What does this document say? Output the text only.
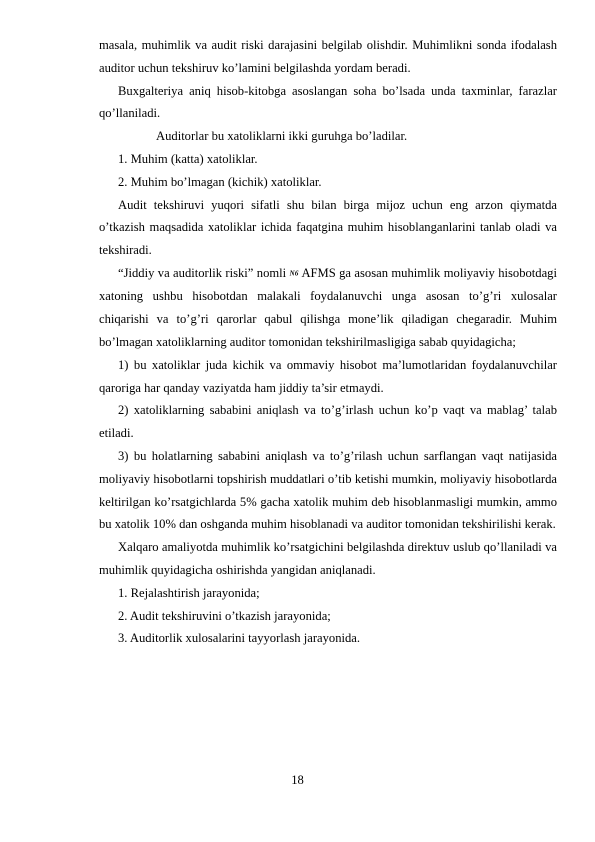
masala, muhimlik va audit riski darajasini belgilab olishdir. Muhimlikni sonda ifodalash auditor uchun tekshiruv ko’lamini belgilashda yordam beradi.

Buxgalteriya aniq hisob-kitobga asoslangan soha bo’lsada unda taxminlar, farazlar qo’llaniladi.

Auditorlar bu xatoliklarni ikki guruhga bo’ladilar.

1. Muhim (katta) xatoliklar.

2. Muhim bo’lmagan (kichik) xatoliklar.

Audit tekshiruvi yuqori sifatli shu bilan birga mijoz uchun eng arzon qiymatda o’tkazish maqsadida xatoliklar ichida faqatgina muhim hisoblanganlarini tanlab oladi va tekshiradi.

“Jiddiy va auditorlik riski” nomli N6 AFMS ga asosan muhimlik moliyaviy hisobotdagi xatoning ushbu hisobotdan malakali foydalanuvchi unga asosan to’g’ri xulosalar chiqarishi va to’g’ri qarorlar qabul qilishga mone’lik qiladigan chegaradir. Muhim bo’lmagan xatoliklarning auditor tomonidan tekshirilmasligiga sabab quyidagicha;

1) bu xatoliklar juda kichik va ommaviy hisobot ma’lumotlaridan foydalanuvchilar qaroriga har qanday vaziyatda ham jiddiy ta’sir etmaydi.

2) xatoliklarning sababini aniqlash va to’g’irlash uchun ko’p vaqt va mablag’ talab etiladi.

3) bu holatlarning sababini aniqlash va to’g’rilash uchun sarflangan vaqt natijasida moliyaviy hisobotlarni topshirish muddatlari o’tib ketishi mumkin, moliyaviy hisobotlarda keltirilgan ko’rsatgichlarda 5% gacha xatolik muhim deb hisoblanmasligi mumkin, ammo bu xatolik 10% dan oshganda muhim hisoblanadi va auditor tomonidan tekshirilishi kerak.

Xalqaro amaliyotda muhimlik ko’rsatgichini belgilashda direktuv uslub qo’llaniladi va muhimlik quyidagicha oshirishda yangidan aniqlanadi.

1. Rejalashtirish jarayonida;

2. Audit tekshiruvini o’tkazish jarayonida;

3. Auditorlik xulosalarini tayyorlash jarayonida.

18
